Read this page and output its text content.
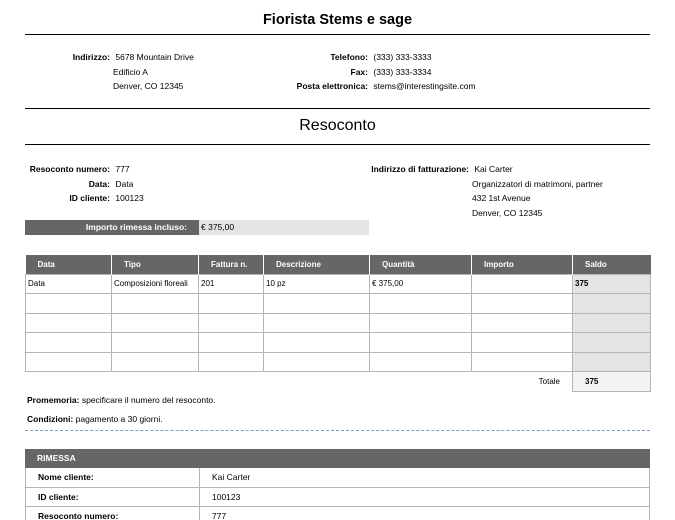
Fiorista Stems e sage
Indirizzo: 5678 Mountain Drive
Edificio A
Denver, CO 12345
Telefono: (333) 333-3333
Fax: (333) 333-3334
Posta elettronica: stems@interestingsite.com
Resoconto
Resoconto numero: 777
Data: Data
ID cliente: 100123
Indirizzo di fatturazione: Kai Carter
Organizzatori di matrimoni, partner
432 1st Avenue
Denver, CO 12345
Importo rimessa incluso:	€ 375,00
Data	Tipo	Fattura n.	Descrizione	Quantità	Importo	Saldo
Data	Composizioni floreali	201	10 pz	€ 375,00		375

Totale						375
Promemoria: specificare il numero del resoconto.
Condizioni: pagamento a 30 giorni.
RIMESSA
Nome cliente:	Kai Carter
ID cliente:	100123
Resoconto numero:	777
